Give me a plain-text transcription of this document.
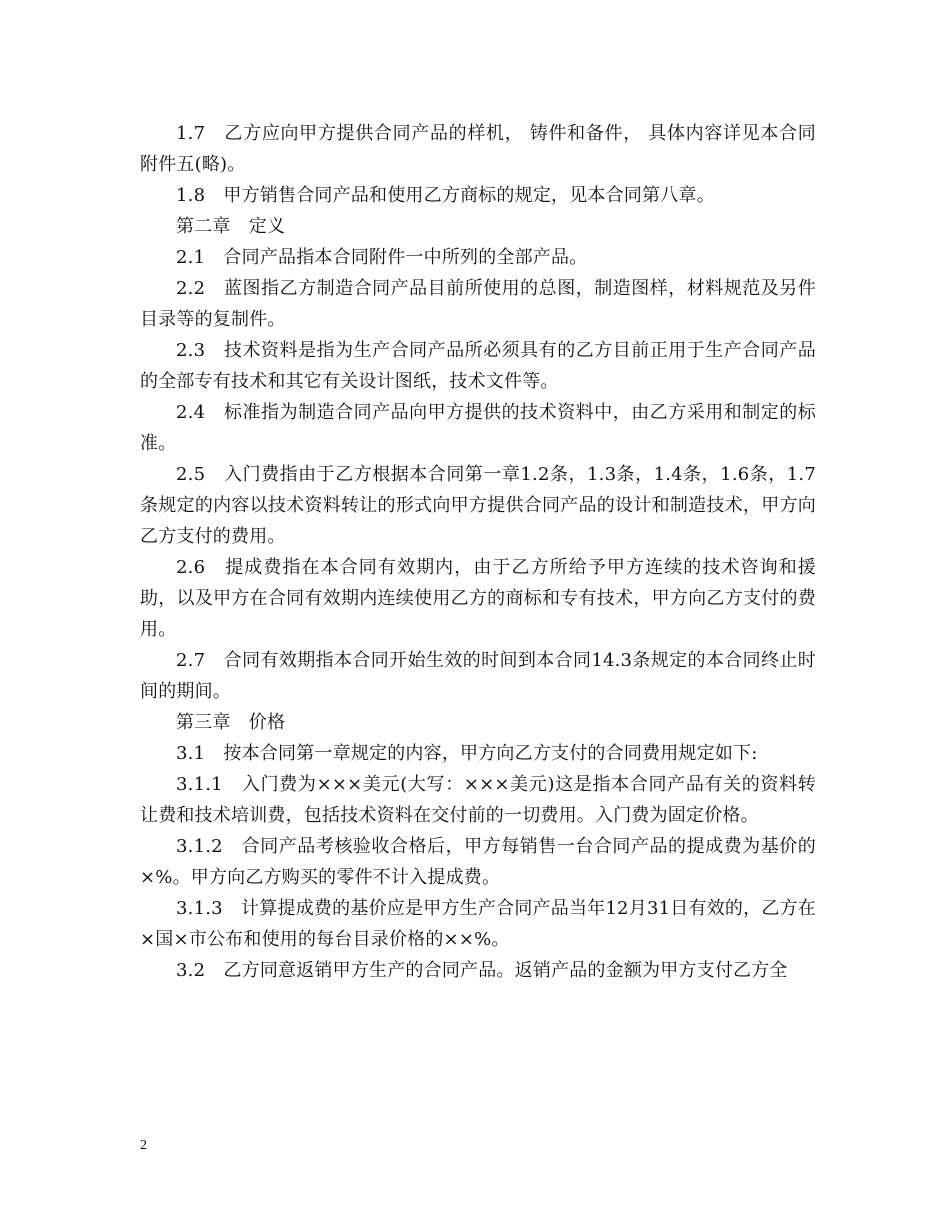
1.7　乙方应向甲方提供合同产品的样机， 铸件和备件， 具体内容详见本合同附件五(略)。

1.8　甲方销售合同产品和使用乙方商标的规定，见本合同第八章。

第二章　定义

2.1　合同产品指本合同附件一中所列的全部产品。

2.2　蓝图指乙方制造合同产品目前所使用的总图，制造图样，材料规范及另件目录等的复制件。

2.3　技术资料是指为生产合同产品所必须具有的乙方目前正用于生产合同产品的全部专有技术和其它有关设计图纸，技术文件等。

2.4　标准指为制造合同产品向甲方提供的技术资料中，由乙方采用和制定的标准。

2.5　入门费指由于乙方根据本合同第一章1.2条，1.3条，1.4条，1.6条，1.7条规定的内容以技术资料转让的形式向甲方提供合同产品的设计和制造技术，甲方向乙方支付的费用。

2.6　提成费指在本合同有效期内，由于乙方所给予甲方连续的技术咨询和援助，以及甲方在合同有效期内连续使用乙方的商标和专有技术，甲方向乙方支付的费用。

2.7　合同有效期指本合同开始生效的时间到本合同14.3条规定的本合同终止时间的期间。

第三章　价格

3.1　按本合同第一章规定的内容，甲方向乙方支付的合同费用规定如下:

3.1.1　入门费为×××美元(大写：×××美元)这是指本合同产品有关的资料转让费和技术培训费，包括技术资料在交付前的一切费用。入门费为固定价格。

3.1.2　合同产品考核验收合格后，甲方每销售一台合同产品的提成费为基价的×%。甲方向乙方购买的零件不计入提成费。

3.1.3　计算提成费的基价应是甲方生产合同产品当年12月31日有效的，乙方在×国×市公布和使用的每台目录价格的××%。

3.2　乙方同意返销甲方生产的合同产品。返销产品的金额为甲方支付乙方全

2
